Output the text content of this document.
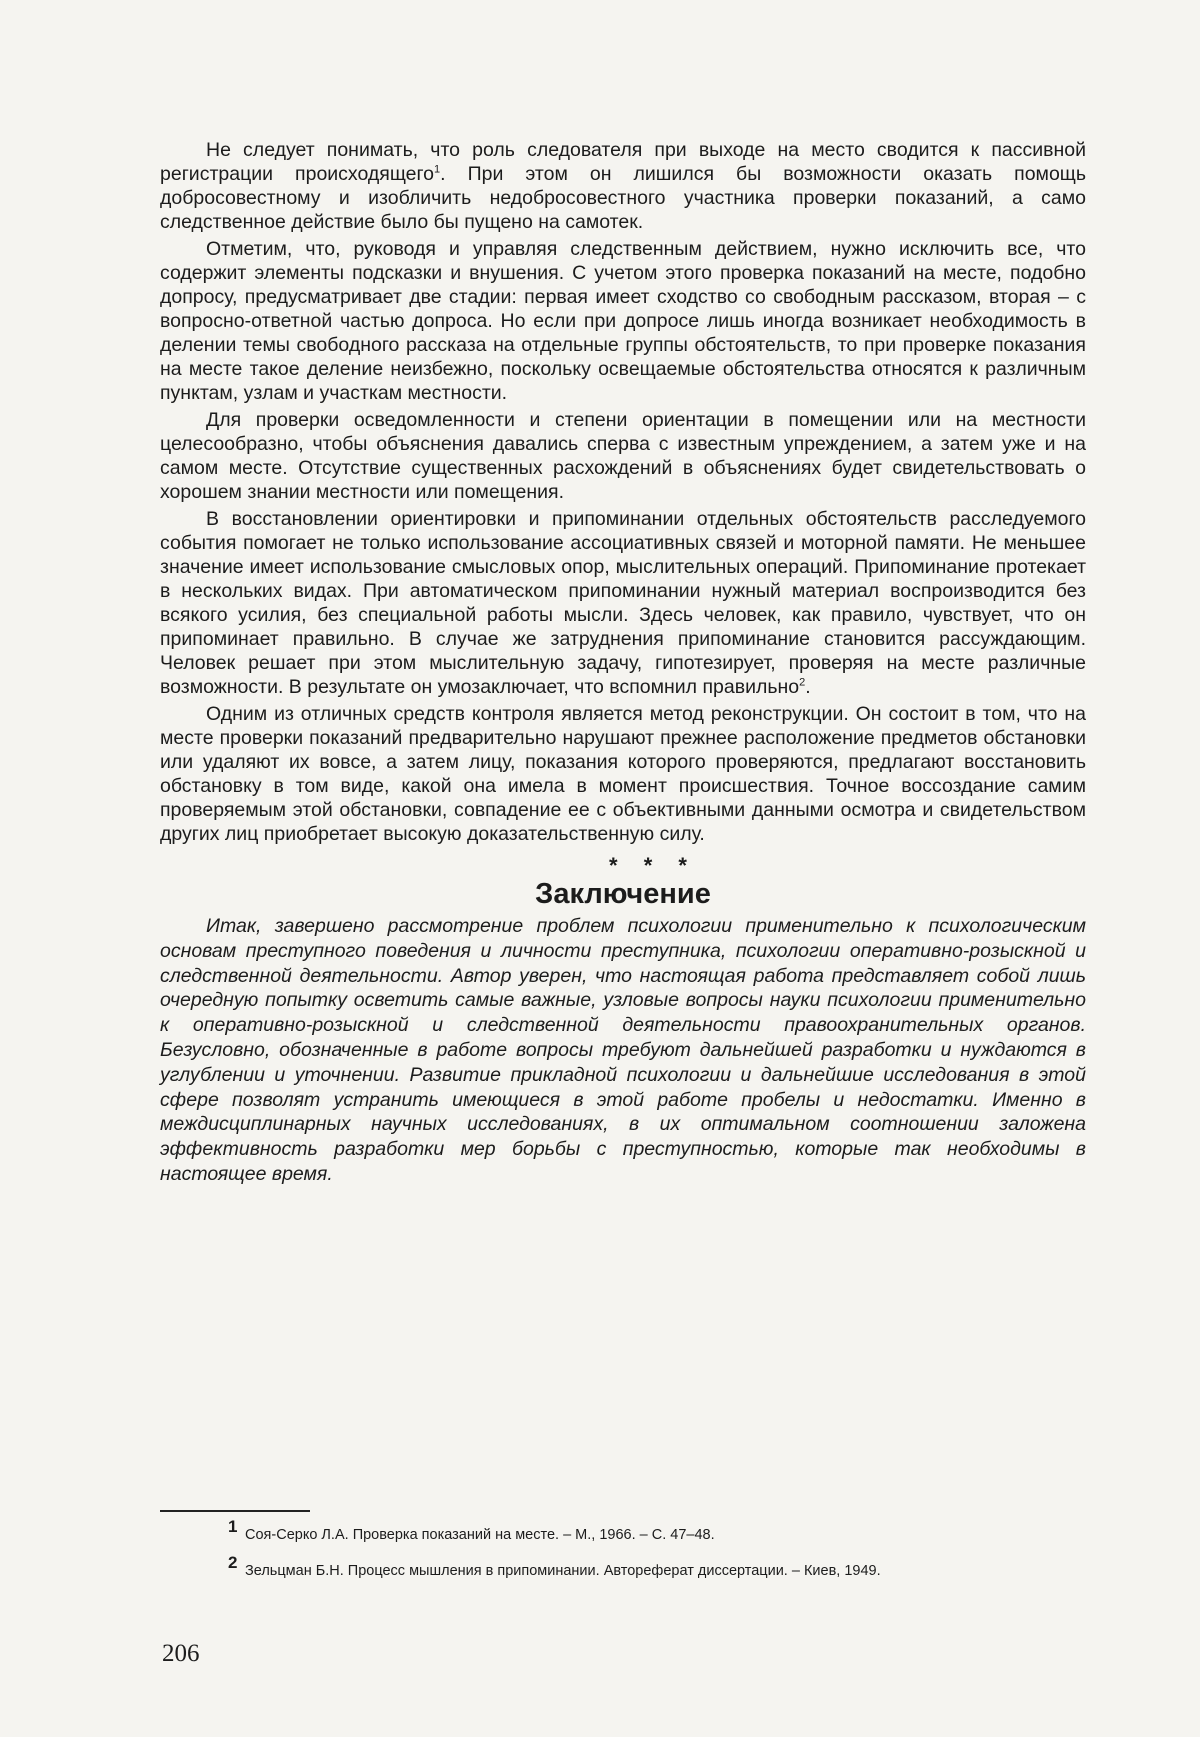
Не следует понимать, что роль следователя при выходе на место сводится к пассивной регистрации происходящего1. При этом он лишился бы возможности оказать помощь добросовестному и изобличить недобросовестного участника проверки показаний, а само следственное действие было бы пущено на самотек.

Отметим, что, руководя и управляя следственным действием, нужно исключить все, что содержит элементы подсказки и внушения. С учетом этого проверка показаний на месте, подобно допросу, предусматривает две стадии: первая имеет сходство со свободным рассказом, вторая – с вопросно-ответной частью допроса. Но если при допросе лишь иногда возникает необходимость в делении темы свободного рассказа на отдельные группы обстоятельств, то при проверке показания на месте такое деление неизбежно, поскольку освещаемые обстоятельства относятся к различным пунктам, узлам и участкам местности.

Для проверки осведомленности и степени ориентации в помещении или на местности целесообразно, чтобы объяснения давались сперва с известным упреждением, а затем уже и на самом месте. Отсутствие существенных расхождений в объяснениях будет свидетельствовать о хорошем знании местности или помещения.

В восстановлении ориентировки и припоминании отдельных обстоятельств расследуемого события помогает не только использование ассоциативных связей и моторной памяти. Не меньшее значение имеет использование смысловых опор, мыслительных операций. Припоминание протекает в нескольких видах. При автоматическом припоминании нужный материал воспроизводится без всякого усилия, без специальной работы мысли. Здесь человек, как правило, чувствует, что он припоминает правильно. В случае же затруднения припоминание становится рассуждающим. Человек решает при этом мыслительную задачу, гипотезирует, проверяя на месте различные возможности. В результате он умозаключает, что вспомнил правильно2.

Одним из отличных средств контроля является метод реконструкции. Он состоит в том, что на месте проверки показаний предварительно нарушают прежнее расположение предметов обстановки или удаляют их вовсе, а затем лицу, показания которого проверяются, предлагают восстановить обстановку в том виде, какой она имела в момент происшествия. Точное воссоздание самим проверяемым этой обстановки, совпадение ее с объективными данными осмотра и свидетельством других лиц приобретает высокую доказательственную силу.

* * *
Заключение

Итак, завершено рассмотрение проблем психологии применительно к психологическим основам преступного поведения и личности преступника, психологии оперативно-розыскной и следственной деятельности. Автор уверен, что настоящая работа представляет собой лишь очередную попытку осветить самые важные, узловые вопросы науки психологии применительно к оперативно-розыскной и следственной деятельности правоохранительных органов. Безусловно, обозначенные в работе вопросы требуют дальнейшей разработки и нуждаются в углублении и уточнении. Развитие прикладной психологии и дальнейшие исследования в этой сфере позволят устранить имеющиеся в этой работе пробелы и недостатки. Именно в междисциплинарных научных исследованиях, в их оптимальном соотношении заложена эффективность разработки мер борьбы с преступностью, которые так необходимы в настоящее время.

1 Соя-Серко Л.А. Проверка показаний на месте. – М., 1966. – С. 47–48.
2 Зельцман Б.Н. Процесс мышления в припоминании. Автореферат диссертации. – Киев, 1949.
206
